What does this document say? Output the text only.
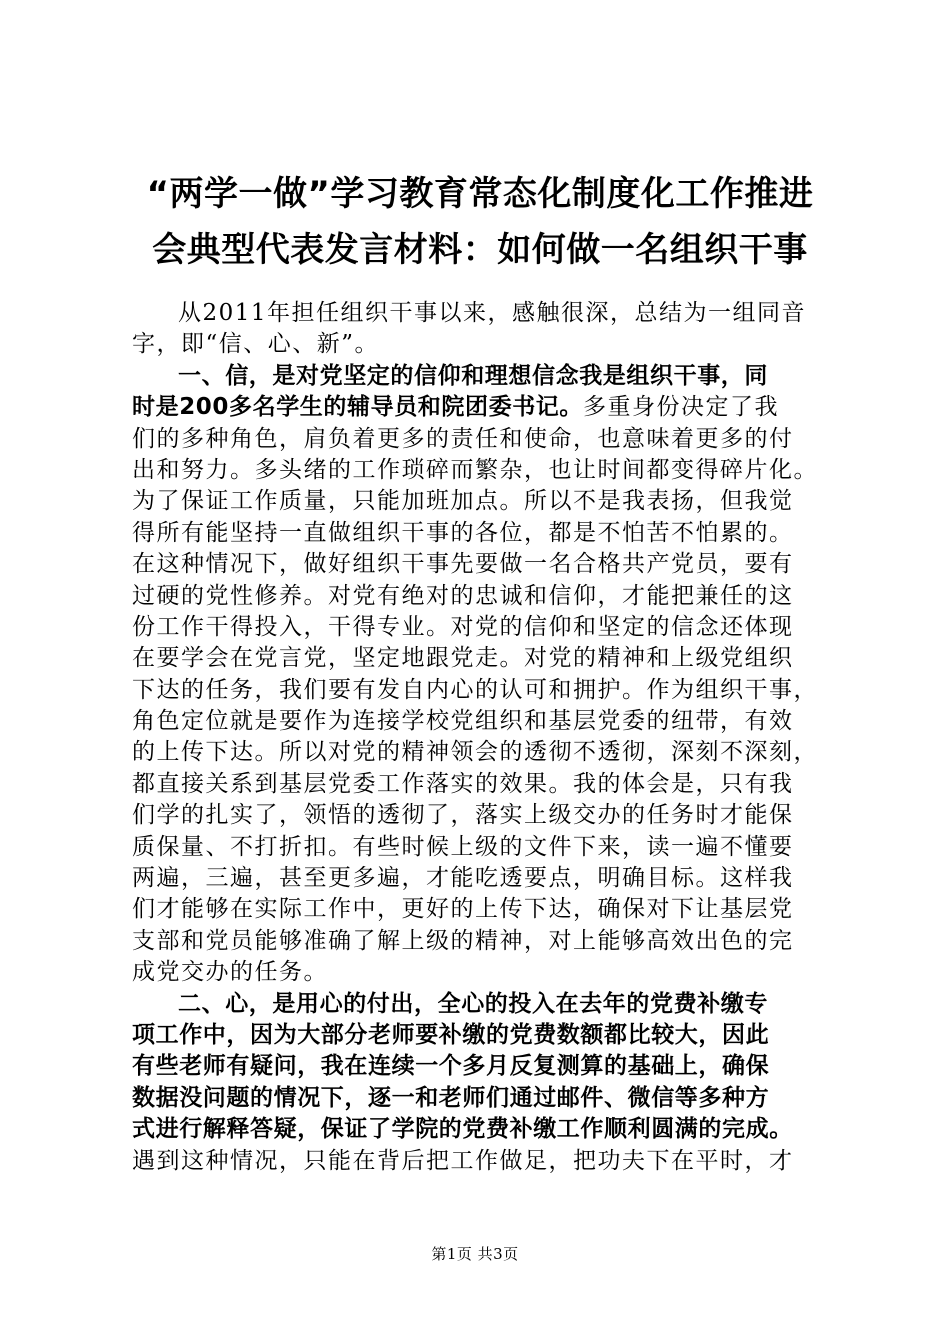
“两学一做”学习教育常态化制度化工作推进
会典型代表发言材料：如何做一名组织干事
从2011年担任组织干事以来，感触很深，总结为一组同音
字，即“信、心、新”。
一、信，是对党坚定的信仰和理想信念我是组织干事，同
时是200多名学生的辅导员和院团委书记。多重身份决定了我
们的多种角色，肩负着更多的责任和使命，也意味着更多的付
出和努力。多头绪的工作琐碎而繁杂，也让时间都变得碎片化。
为了保证工作质量，只能加班加点。所以不是我表扬，但我觉
得所有能坚持一直做组织干事的各位，都是不怕苦不怕累的。
在这种情况下，做好组织干事先要做一名合格共产党员，要有
过硬的党性修养。对党有绝对的忠诚和信仰，才能把兼任的这
份工作干得投入，干得专业。对党的信仰和坚定的信念还体现
在要学会在党言党，坚定地跟党走。对党的精神和上级党组织
下达的任务，我们要有发自内心的认可和拥护。作为组织干事，
角色定位就是要作为连接学校党组织和基层党委的纽带，有效
的上传下达。所以对党的精神领会的透彻不透彻，深刻不深刻，
都直接关系到基层党委工作落实的效果。我的体会是，只有我
们学的扎实了，领悟的透彻了，落实上级交办的任务时才能保
质保量、不打折扣。有些时候上级的文件下来，读一遍不懂要
两遍，三遍，甚至更多遍，才能吃透要点，明确目标。这样我
们才能够在实际工作中，更好的上传下达，确保对下让基层党
支部和党员能够准确了解上级的精神，对上能够高效出色的完
成党交办的任务。
二、心，是用心的付出，全心的投入在去年的党费补缴专
项工作中，因为大部分老师要补缴的党费数额都比较大，因此
有些老师有疑问，我在连续一个多月反复测算的基础上，确保
数据没问题的情况下，逐一和老师们通过邮件、微信等多种方
式进行解释答疑，保证了学院的党费补缴工作顺利圆满的完成。
遇到这种情况，只能在背后把工作做足，把功夫下在平时，才
第1页 共3页
